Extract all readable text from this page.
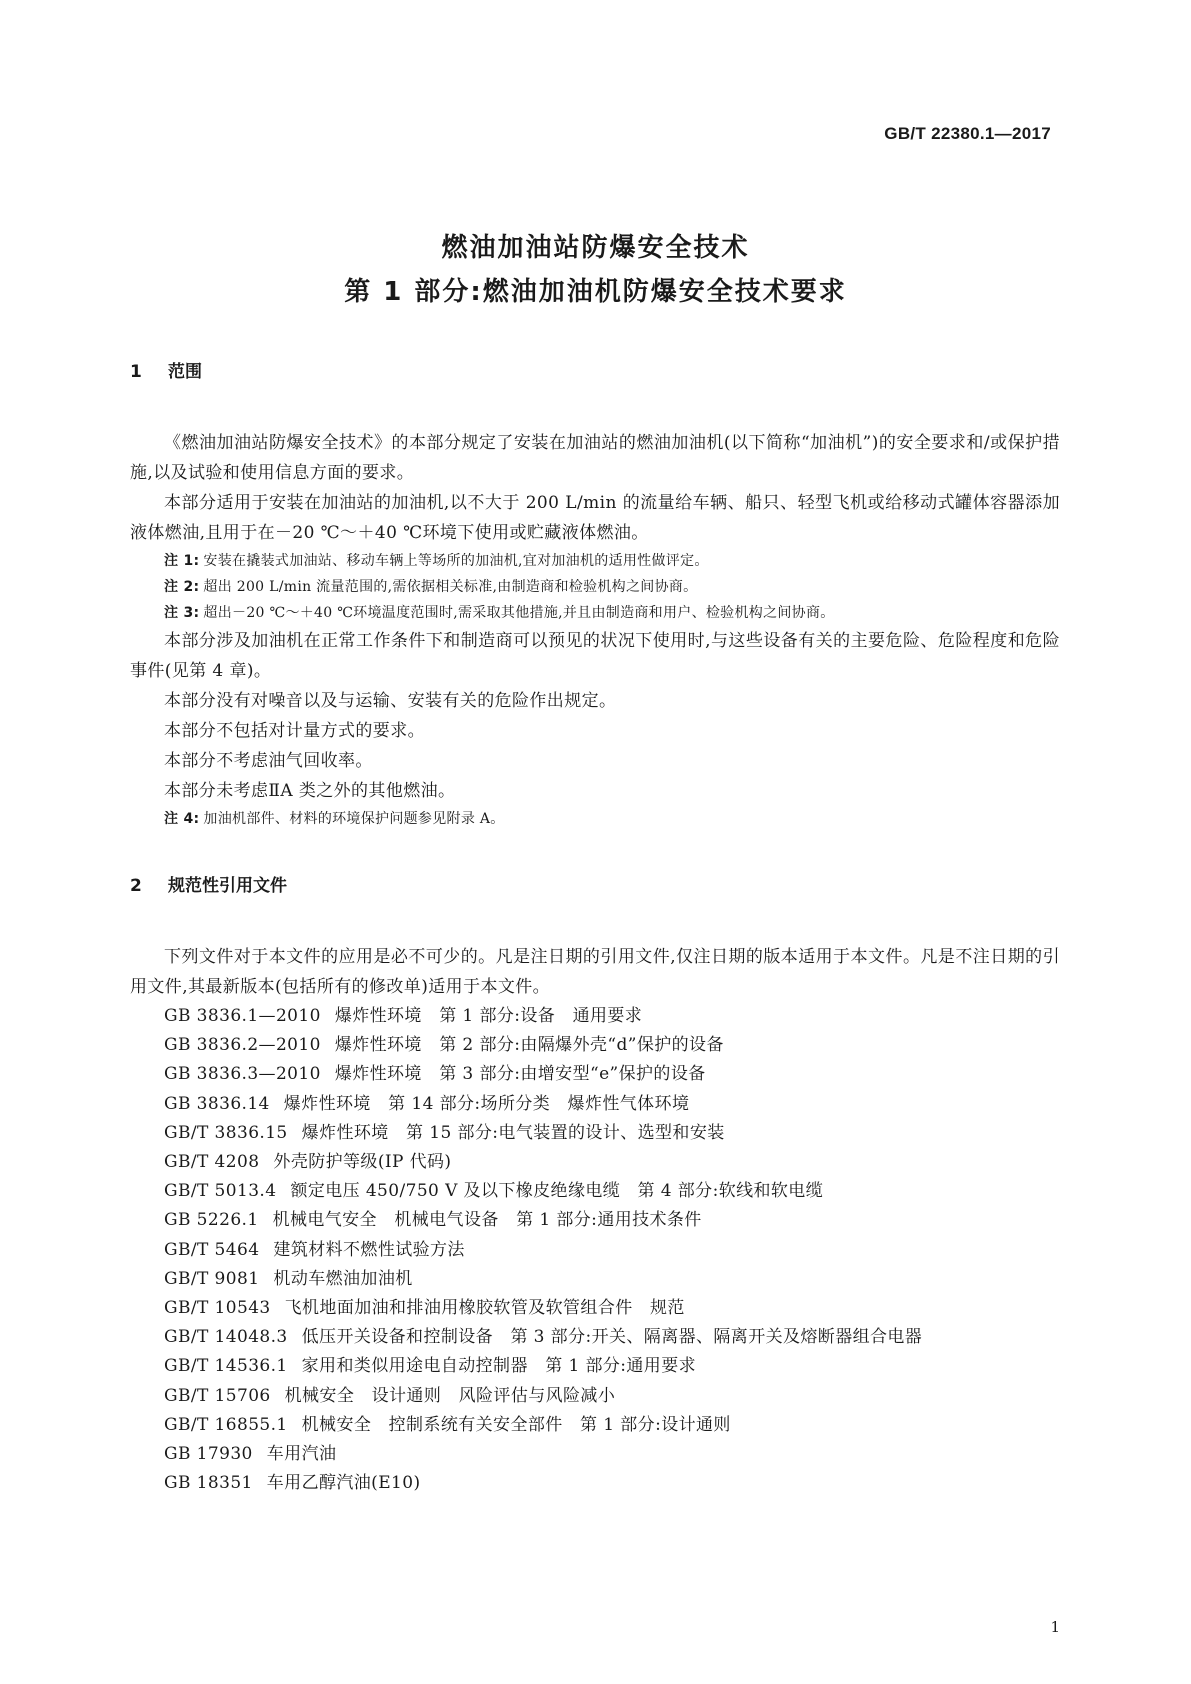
GB/T 22380.1—2017
燃油加油站防爆安全技术
第 1 部分:燃油加油机防爆安全技术要求
1 范围

《燃油加油站防爆安全技术》的本部分规定了安装在加油站的燃油加油机(以下简称“加油机”)的安全要求和/或保护措施,以及试验和使用信息方面的要求。

本部分适用于安装在加油站的加油机,以不大于 200 L/min 的流量给车辆、船只、轻型飞机或给移动式罐体容器添加液体燃油,且用于在－20 ℃～＋40 ℃环境下使用或贮藏液体燃油。

注 1: 安装在撬装式加油站、移动车辆上等场所的加油机,宜对加油机的适用性做评定。

注 2: 超出 200 L/min 流量范围的,需依据相关标准,由制造商和检验机构之间协商。

注 3: 超出－20 ℃～＋40 ℃环境温度范围时,需采取其他措施,并且由制造商和用户、检验机构之间协商。

本部分涉及加油机在正常工作条件下和制造商可以预见的状况下使用时,与这些设备有关的主要危险、危险程度和危险事件(见第 4 章)。

本部分没有对噪音以及与运输、安装有关的危险作出规定。

本部分不包括对计量方式的要求。

本部分不考虑油气回收率。

本部分未考虑ⅡA 类之外的其他燃油。

注 4: 加油机部件、材料的环境保护问题参见附录 A。

2 规范性引用文件

下列文件对于本文件的应用是必不可少的。凡是注日期的引用文件,仅注日期的版本适用于本文件。凡是不注日期的引用文件,其最新版本(包括所有的修改单)适用于本文件。

GB 3836.1—2010 爆炸性环境　第 1 部分:设备　通用要求
GB 3836.2—2010 爆炸性环境　第 2 部分:由隔爆外壳“d”保护的设备
GB 3836.3—2010 爆炸性环境　第 3 部分:由增安型“e”保护的设备
GB 3836.14 爆炸性环境　第 14 部分:场所分类　爆炸性气体环境
GB/T 3836.15 爆炸性环境　第 15 部分:电气装置的设计、选型和安装
GB/T 4208 外壳防护等级(IP 代码)
GB/T 5013.4 额定电压 450/750 V 及以下橡皮绝缘电缆　第 4 部分:软线和软电缆
GB 5226.1 机械电气安全　机械电气设备　第 1 部分:通用技术条件
GB/T 5464 建筑材料不燃性试验方法
GB/T 9081 机动车燃油加油机
GB/T 10543 飞机地面加油和排油用橡胶软管及软管组合件　规范
GB/T 14048.3 低压开关设备和控制设备　第 3 部分:开关、隔离器、隔离开关及熔断器组合电器
GB/T 14536.1 家用和类似用途电自动控制器　第 1 部分:通用要求
GB/T 15706 机械安全　设计通则　风险评估与风险减小
GB/T 16855.1 机械安全　控制系统有关安全部件　第 1 部分:设计通则
GB 17930 车用汽油
GB 18351 车用乙醇汽油(E10)
1
